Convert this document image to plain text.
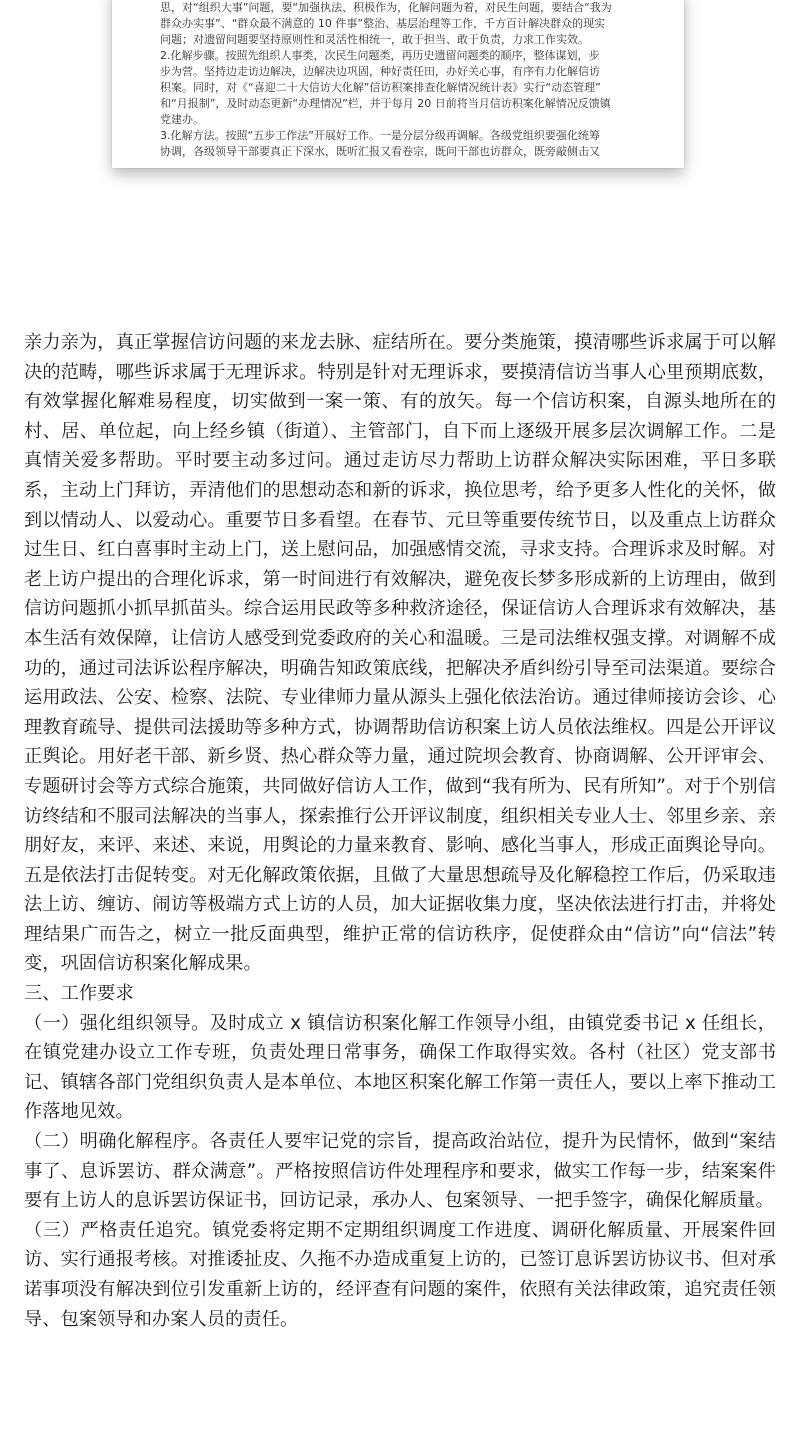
思，对“组织大事”问题，要“加强执法、积极作为，化解问题为着，对民生问题，要结合“我为

群众办实事”、“群众最不满意的 10 件事”整治、基层治理等工作，千方百计解决群众的现实

问题；对遗留问题要坚持原则性和灵活性相统一，敢于担当、敢于负责，力求工作实效。

2.化解步骤。按照先组织人事类，次民生问题类，再历史遗留问题类的顺序，整体谋划，步

步为营。坚持边走访边解决，边解决边巩固，种好责任田，办好关心事，有序有力化解信访

积案。同时，对《“喜迎二十大信访大化解”信访积案排查化解情况统计表》实行“动态管理”

和“月报制”，及时动态更新“办理情况”栏，并于每月 20 日前将当月信访积案化解情况反馈镇

党建办。

3.化解方法。按照“五步工作法”开展好工作。一是分层分级再调解。各级党组织要强化统筹

协调，各级领导干部要真正下深水，既听汇报又看卷宗，既问干部也访群众，既旁敲侧击又

亲力亲为，真正掌握信访问题的来龙去脉、症结所在。要分类施策，摸清哪些诉求属于可以解决的范畴，哪些诉求属于无理诉求。特别是针对无理诉求，要摸清信访当事人心里预期底数，有效掌握化解难易程度，切实做到一案一策、有的放矢。每一个信访积案，自源头地所在的村、居、单位起，向上经乡镇（街道）、主管部门，自下而上逐级开展多层次调解工作。二是真情关爱多帮助。平时要主动多过问。通过走访尽力帮助上访群众解决实际困难，平日多联系，主动上门拜访，弄清他们的思想动态和新的诉求，换位思考，给予更多人性化的关怀，做到以情动人、以爱动心。重要节日多看望。在春节、元旦等重要传统节日，以及重点上访群众过生日、红白喜事时主动上门，送上慰问品，加强感情交流，寻求支持。合理诉求及时解。对老上访户提出的合理化诉求，第一时间进行有效解决，避免夜长梦多形成新的上访理由，做到信访问题抓小抓早抓苗头。综合运用民政等多种救济途径，保证信访人合理诉求有效解决，基本生活有效保障，让信访人感受到党委政府的关心和温暖。三是司法维权强支撑。对调解不成功的，通过司法诉讼程序解决，明确告知政策底线，把解决矛盾纠纷引导至司法渠道。要综合运用政法、公安、检察、法院、专业律师力量从源头上强化依法治访。通过律师接访会诊、心理教育疏导、提供司法援助等多种方式，协调帮助信访积案上访人员依法维权。四是公开评议正舆论。用好老干部、新乡贤、热心群众等力量，通过院坝会教育、协商调解、公开评审会、专题研讨会等方式综合施策，共同做好信访人工作，做到“我有所为、民有所知”。对于个别信访终结和不服司法解决的当事人，探索推行公开评议制度，组织相关专业人士、邻里乡亲、亲朋好友，来评、来述、来说，用舆论的力量来教育、影响、感化当事人，形成正面舆论导向。五是依法打击促转变。对无化解政策依据，且做了大量思想疏导及化解稳控工作后，仍采取违法上访、缠访、闹访等极端方式上访的人员，加大证据收集力度，坚决依法进行打击，并将处理结果广而告之，树立一批反面典型，维护正常的信访秩序，促使群众由“信访”向“信法”转变，巩固信访积案化解成果。

三、工作要求

（一）强化组织领导。及时成立 x 镇信访积案化解工作领导小组，由镇党委书记 x 任组长，在镇党建办设立工作专班，负责处理日常事务，确保工作取得实效。各村（社区）党支部书记、镇辖各部门党组织负责人是本单位、本地区积案化解工作第一责任人，要以上率下推动工作落地见效。

（二）明确化解程序。各责任人要牢记党的宗旨，提高政治站位，提升为民情怀，做到“案结事了、息诉罢访、群众满意”。严格按照信访件处理程序和要求，做实工作每一步，结案案件要有上访人的息诉罢访保证书，回访记录，承办人、包案领导、一把手签字，确保化解质量。

（三）严格责任追究。镇党委将定期不定期组织调度工作进度、调研化解质量、开展案件回访、实行通报考核。对推诿扯皮、久拖不办造成重复上访的，已签订息诉罢访协议书、但对承诺事项没有解决到位引发重新上访的，经评查有问题的案件，依照有关法律政策，追究责任领导、包案领导和办案人员的责任。
